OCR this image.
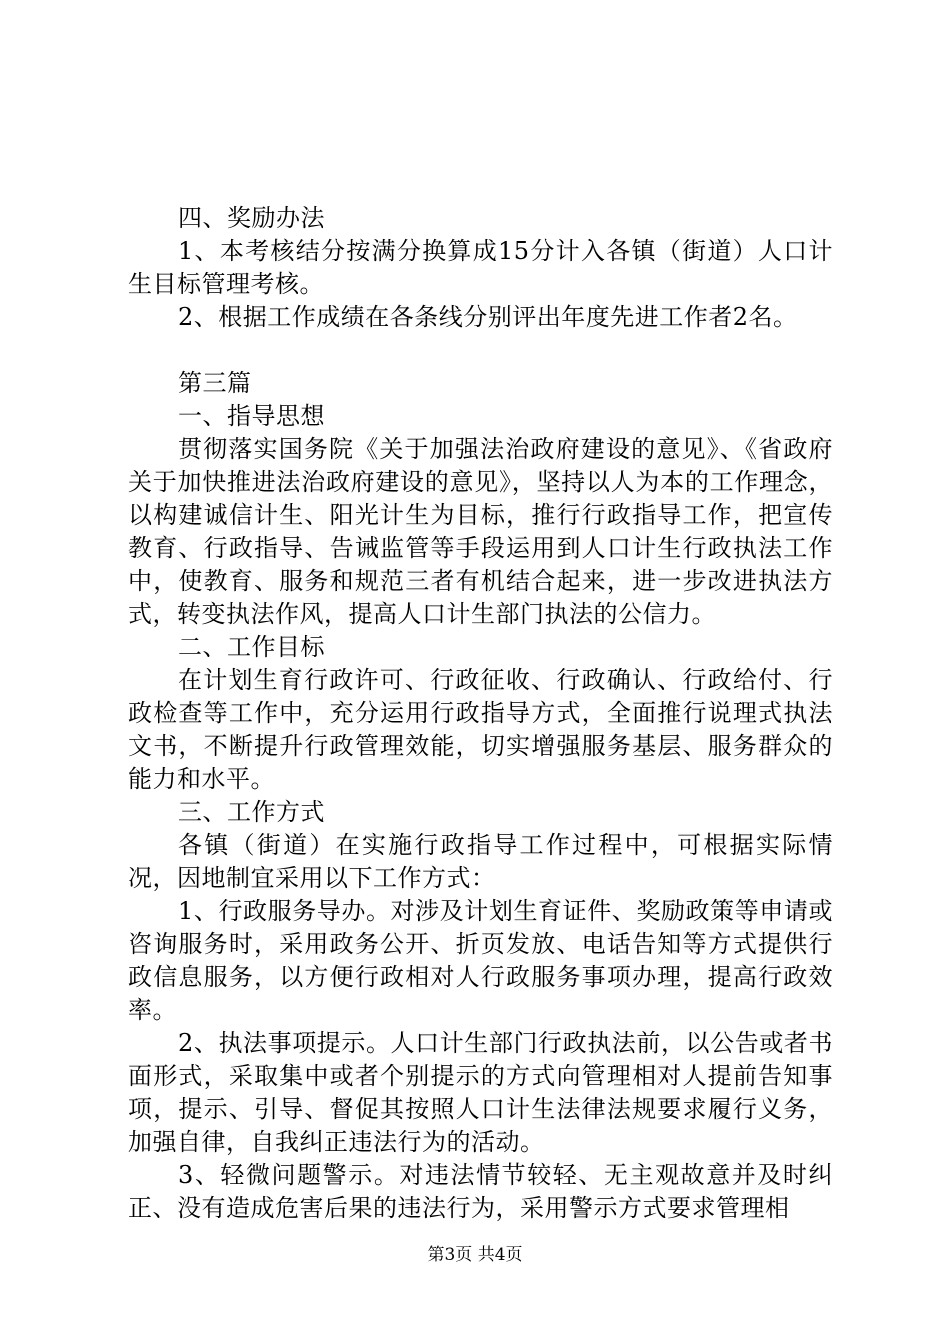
四、奖励办法

1、本考核结分按满分换算成15分计入各镇（街道）人口计生目标管理考核。

2、根据工作成绩在各条线分别评出年度先进工作者2名。

第三篇

一、指导思想

贯彻落实国务院《关于加强法治政府建设的意见》、《省政府关于加快推进法治政府建设的意见》，坚持以人为本的工作理念，以构建诚信计生、阳光计生为目标，推行行政指导工作，把宣传教育、行政指导、告诫监管等手段运用到人口计生行政执法工作中，使教育、服务和规范三者有机结合起来，进一步改进执法方式，转变执法作风，提高人口计生部门执法的公信力。

二、工作目标

在计划生育行政许可、行政征收、行政确认、行政给付、行政检查等工作中，充分运用行政指导方式，全面推行说理式执法文书，不断提升行政管理效能，切实增强服务基层、服务群众的能力和水平。

三、工作方式

各镇（街道）在实施行政指导工作过程中，可根据实际情况，因地制宜采用以下工作方式：

1、行政服务导办。对涉及计划生育证件、奖励政策等申请或咨询服务时，采用政务公开、折页发放、电话告知等方式提供行政信息服务，以方便行政相对人行政服务事项办理，提高行政效率。

2、执法事项提示。人口计生部门行政执法前，以公告或者书面形式，采取集中或者个别提示的方式向管理相对人提前告知事项，提示、引导、督促其按照人口计生法律法规要求履行义务，加强自律，自我纠正违法行为的活动。

3、轻微问题警示。对违法情节较轻、无主观故意并及时纠正、没有造成危害后果的违法行为，采用警示方式要求管理相

第3页 共4页
